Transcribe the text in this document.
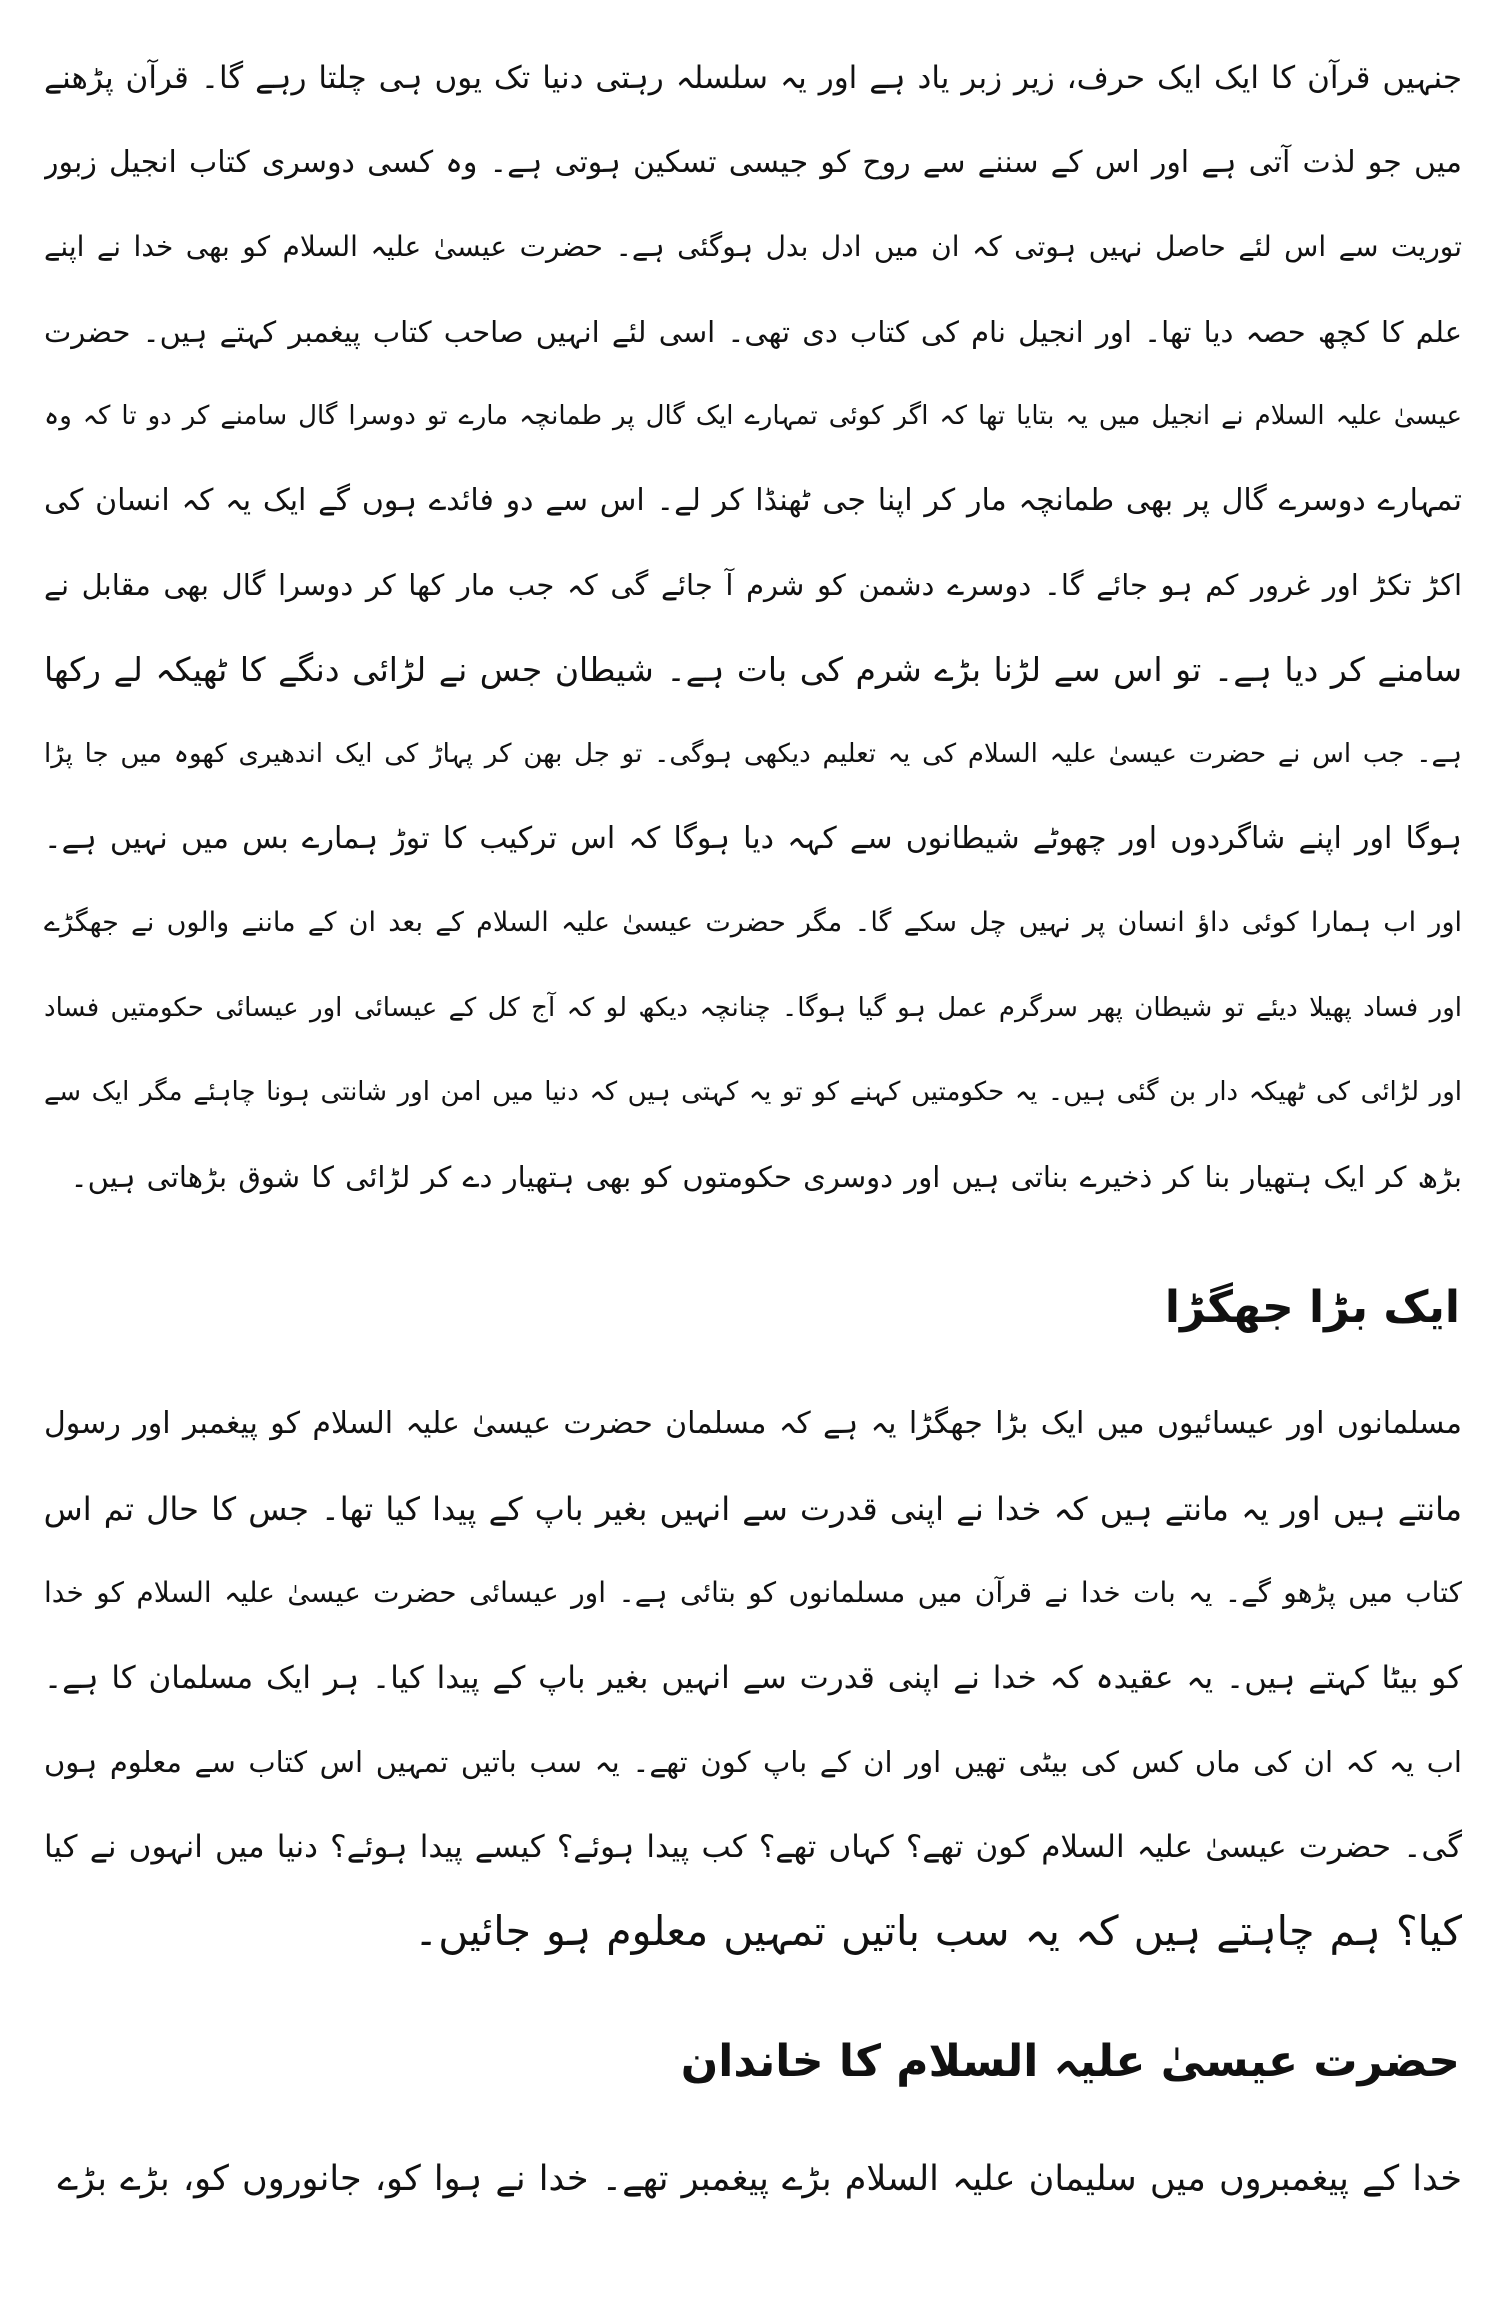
جنہیں قرآن کا ایک ایک حرف، زیر زبر یاد ہے اور یہ سلسلہ رہتی دنیا تک یوں ہی چلتا رہے گا۔ قرآن پڑھنے
میں جو لذت آتی ہے اور اس کے سننے سے روح کو جیسی تسکین ہوتی ہے۔ وہ کسی دوسری کتاب انجیل زبور
توریت سے اس لئے حاصل نہیں ہوتی کہ ان میں ادل بدل ہوگئی ہے۔ حضرت عیسیٰ علیہ السلام کو بھی خدا نے اپنے
علم کا کچھ حصہ دیا تھا۔ اور انجیل نام کی کتاب دی تھی۔ اسی لئے انہیں صاحب کتاب پیغمبر کہتے ہیں۔ حضرت
عیسیٰ علیہ السلام نے انجیل میں یہ بتایا تھا کہ اگر کوئی تمہارے ایک گال پر طمانچہ مارے تو دوسرا گال سامنے کر دو تا کہ وہ
تمہارے دوسرے گال پر بھی طمانچہ مار کر اپنا جی ٹھنڈا کر لے۔ اس سے دو فائدے ہوں گے ایک یہ کہ انسان کی
اکڑ تکڑ اور غرور کم ہو جائے گا۔ دوسرے دشمن کو شرم آ جائے گی کہ جب مار کھا کر دوسرا گال بھی مقابل نے
سامنے کر دیا ہے۔ تو اس سے لڑنا بڑے شرم کی بات ہے۔ شیطان جس نے لڑائی دنگے کا ٹھیکہ لے رکھا
ہے۔ جب اس نے حضرت عیسیٰ علیہ السلام کی یہ تعلیم دیکھی ہوگی۔ تو جل بھن کر پہاڑ کی ایک اندھیری کھوہ میں جا پڑا
ہوگا اور اپنے شاگردوں اور چھوٹے شیطانوں سے کہہ دیا ہوگا کہ اس ترکیب کا توڑ ہمارے بس میں نہیں ہے۔
اور اب ہمارا کوئی داؤ انسان پر نہیں چل سکے گا۔ مگر حضرت عیسیٰ علیہ السلام کے بعد ان کے ماننے والوں نے جھگڑے
اور فساد پھیلا دیئے تو شیطان پھر سرگرم عمل ہو گیا ہوگا۔ چنانچہ دیکھ لو کہ آج کل کے عیسائی اور عیسائی حکومتیں فساد
اور لڑائی کی ٹھیکہ دار بن گئی ہیں۔ یہ حکومتیں کہنے کو تو یہ کہتی ہیں کہ دنیا میں امن اور شانتی ہونا چاہئے مگر ایک سے
بڑھ کر ایک ہتھیار بنا کر ذخیرے بناتی ہیں اور دوسری حکومتوں کو بھی ہتھیار دے کر لڑائی کا شوق بڑھاتی ہیں۔
ایک بڑا جھگڑا
مسلمانوں اور عیسائیوں میں ایک بڑا جھگڑا یہ ہے کہ مسلمان حضرت عیسیٰ علیہ السلام کو پیغمبر اور رسول
مانتے ہیں اور یہ مانتے ہیں کہ خدا نے اپنی قدرت سے انہیں بغیر باپ کے پیدا کیا تھا۔ جس کا حال تم اس
کتاب میں پڑھو گے۔ یہ بات خدا نے قرآن میں مسلمانوں کو بتائی ہے۔ اور عیسائی حضرت عیسیٰ علیہ السلام کو خدا
کو بیٹا کہتے ہیں۔ یہ عقیدہ کہ خدا نے اپنی قدرت سے انہیں بغیر باپ کے پیدا کیا۔ ہر ایک مسلمان کا ہے۔
اب یہ کہ ان کی ماں کس کی بیٹی تھیں اور ان کے باپ کون تھے۔ یہ سب باتیں تمہیں اس کتاب سے معلوم ہوں
گی۔ حضرت عیسیٰ علیہ السلام کون تھے؟ کہاں تھے؟ کب پیدا ہوئے؟ کیسے پیدا ہوئے؟ دنیا میں انہوں نے کیا
کیا؟ ہم چاہتے ہیں کہ یہ سب باتیں تمہیں معلوم ہو جائیں۔
حضرت عیسیٰ علیہ السلام کا خاندان
خدا کے پیغمبروں میں سلیمان علیہ السلام بڑے پیغمبر تھے۔ خدا نے ہوا کو، جانوروں کو، بڑے بڑے
